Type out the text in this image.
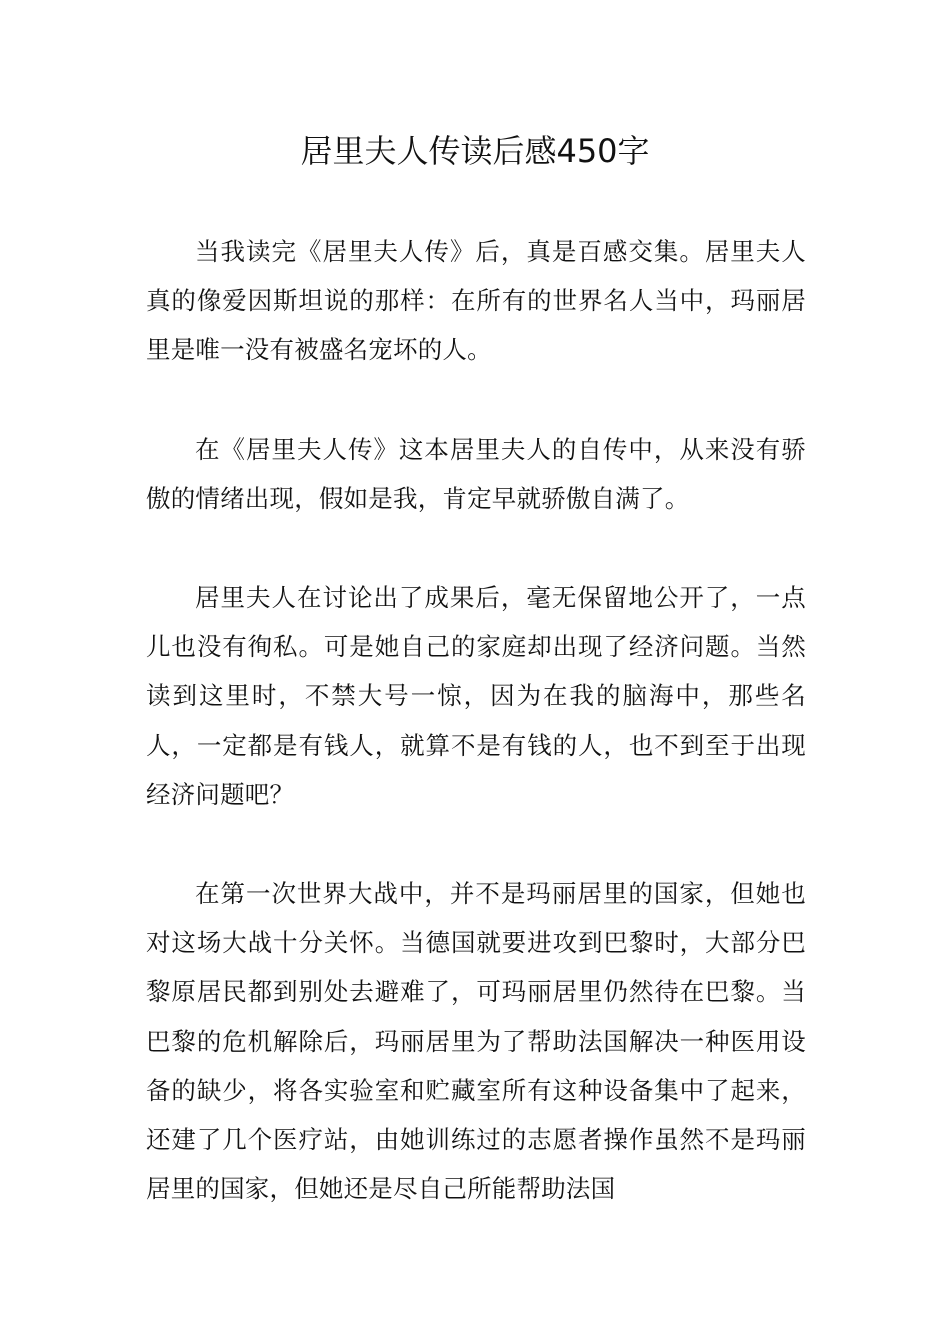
居里夫人传读后感450字

当我读完《居里夫人传》后，真是百感交集。居里夫人真的像爱因斯坦说的那样：在所有的世界名人当中，玛丽居里是唯一没有被盛名宠坏的人。

在《居里夫人传》这本居里夫人的自传中，从来没有骄傲的情绪出现，假如是我，肯定早就骄傲自满了。

居里夫人在讨论出了成果后，毫无保留地公开了，一点儿也没有徇私。可是她自己的家庭却出现了经济问题。当然读到这里时，不禁大号一惊，因为在我的脑海中，那些名人，一定都是有钱人，就算不是有钱的人，也不到至于出现经济问题吧？

在第一次世界大战中，并不是玛丽居里的国家，但她也对这场大战十分关怀。当德国就要进攻到巴黎时，大部分巴黎原居民都到别处去避难了，可玛丽居里仍然待在巴黎。当巴黎的危机解除后，玛丽居里为了帮助法国解决一种医用设备的缺少，将各实验室和贮藏室所有这种设备集中了起来，还建了几个医疗站，由她训练过的志愿者操作虽然不是玛丽居里的国家，但她还是尽自己所能帮助法国
